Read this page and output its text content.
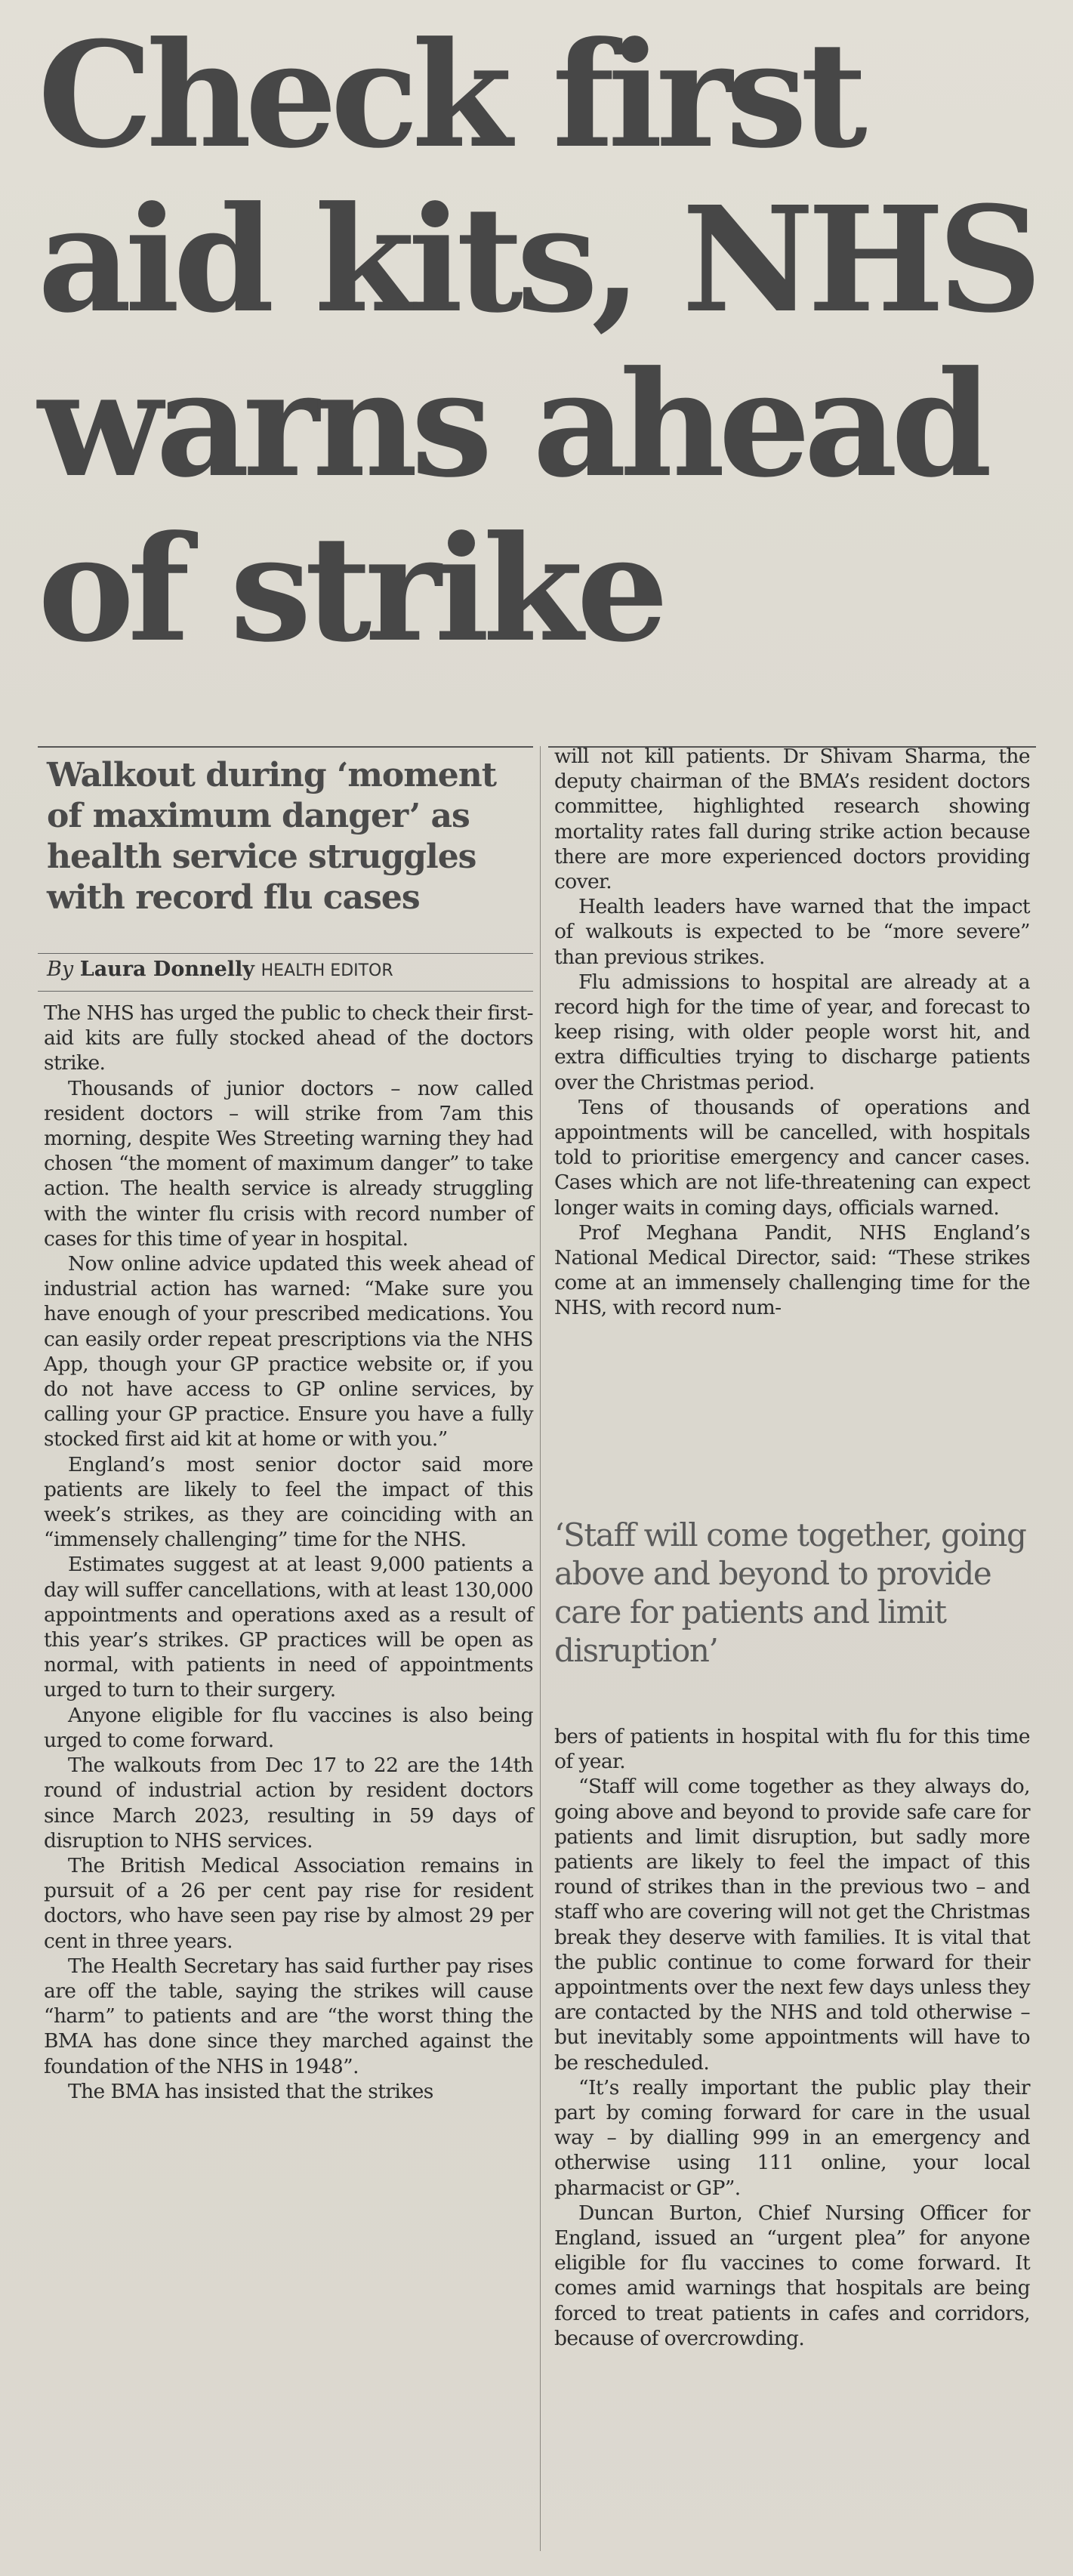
Check first aid kits, NHS warns ahead of strike
Walkout during ‘moment of maximum danger’ as health service struggles with record flu cases
By Laura Donnelly HEALTH EDITOR

The NHS has urged the public to check their first-aid kits are fully stocked ahead of the doctors strike.

Thousands of junior doctors – now called resident doctors – will strike from 7am this morning, despite Wes Streeting warning they had chosen “the moment of maximum danger” to take action. The health service is already struggling with the winter flu crisis with record number of cases for this time of year in hospital.

Now online advice updated this week ahead of industrial action has warned: “Make sure you have enough of your prescribed medications. You can easily order repeat prescriptions via the NHS App, though your GP practice website or, if you do not have access to GP online services, by calling your GP practice. Ensure you have a fully stocked first aid kit at home or with you.”

England’s most senior doctor said more patients are likely to feel the impact of this week’s strikes, as they are coinciding with an “immensely challenging” time for the NHS.

Estimates suggest at at least 9,000 patients a day will suffer cancellations, with at least 130,000 appointments and operations axed as a result of this year’s strikes. GP practices will be open as normal, with patients in need of appointments urged to turn to their surgery.

Anyone eligible for flu vaccines is also being urged to come forward.

The walkouts from Dec 17 to 22 are the 14th round of industrial action by resident doctors since March 2023, resulting in 59 days of disruption to NHS services.

The British Medical Association remains in pursuit of a 26 per cent pay rise for resident doctors, who have seen pay rise by almost 29 per cent in three years.

The Health Secretary has said further pay rises are off the table, saying the strikes will cause “harm” to patients and are “the worst thing the BMA has done since they marched against the foundation of the NHS in 1948”.

The BMA has insisted that the strikes

will not kill patients. Dr Shivam Sharma, the deputy chairman of the BMA’s resident doctors committee, highlighted research showing mortality rates fall during strike action because there are more experienced doctors providing cover.

Health leaders have warned that the impact of walkouts is expected to be “more severe” than previous strikes.

Flu admissions to hospital are already at a record high for the time of year, and forecast to keep rising, with older people worst hit, and extra difficulties trying to discharge patients over the Christmas period.

Tens of thousands of operations and appointments will be cancelled, with hospitals told to prioritise emergency and cancer cases. Cases which are not life-threatening can expect longer waits in coming days, officials warned.

Prof Meghana Pandit, NHS England’s National Medical Director, said: “These strikes come at an immensely challenging time for the NHS, with record num-

‘Staff will come together, going above and beyond to provide care for patients and limit disruption’

bers of patients in hospital with flu for this time of year.

“Staff will come together as they always do, going above and beyond to provide safe care for patients and limit disruption, but sadly more patients are likely to feel the impact of this round of strikes than in the previous two – and staff who are covering will not get the Christmas break they deserve with families. It is vital that the public continue to come forward for their appointments over the next few days unless they are contacted by the NHS and told otherwise – but inevitably some appointments will have to be rescheduled.

“It’s really important the public play their part by coming forward for care in the usual way – by dialling 999 in an emergency and otherwise using 111 online, your local pharmacist or GP”.

Duncan Burton, Chief Nursing Officer for England, issued an “urgent plea” for anyone eligible for flu vaccines to come forward. It comes amid warnings that hospitals are being forced to treat patients in cafes and corridors, because of overcrowding.
